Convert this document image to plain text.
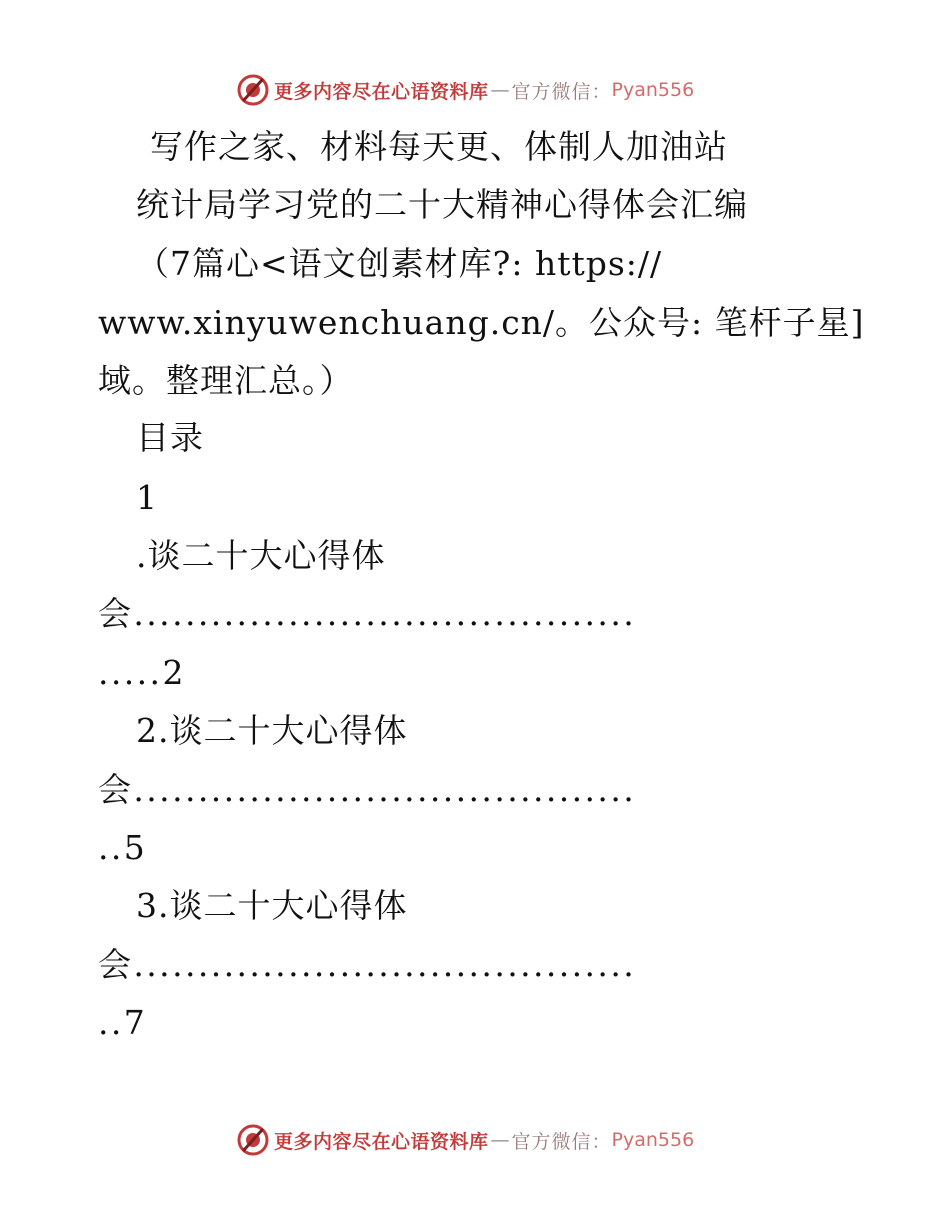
更多内容尽在心语资料库 — 官方微信： Pyan556
写作之家、材料每天更、体制人加油站
统计局学习党的二十大精神心得体会汇编
（7篇心<语文创素材库?: https://
www.xinyuwenchuang.cn/。公众号: 笔杆子星]
域。整理汇总。）
目录
1
.谈二十大心得体
会.......................................
.....2
2.谈二十大心得体
会.......................................
..5
3.谈二十大心得体
会.......................................
..7
更多内容尽在心语资料库 — 官方微信： Pyan556
